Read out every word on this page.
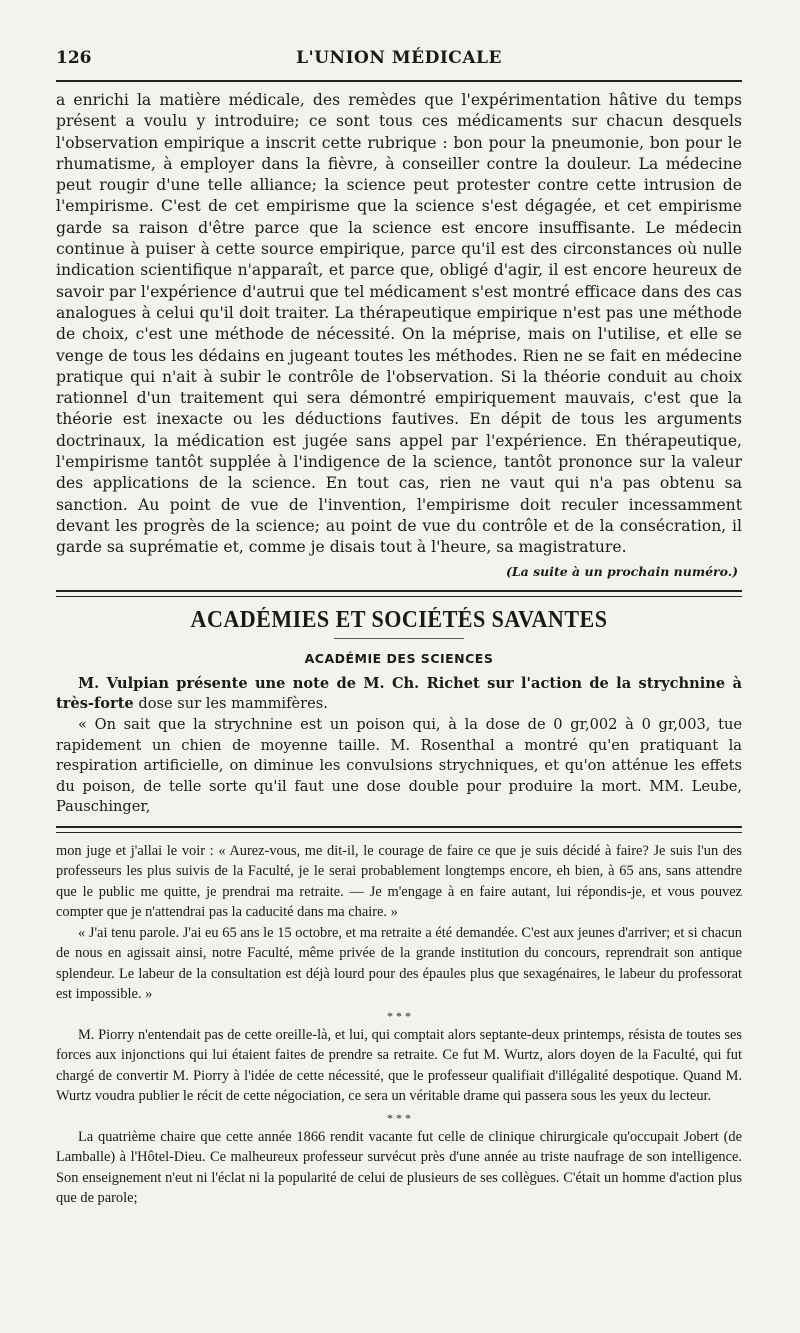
126	L'UNION MÉDICALE

a enrichi la matière médicale, des remèdes que l'expérimentation hâtive du temps présent a voulu y introduire; ce sont tous ces médicaments sur chacun desquels l'observation empirique a inscrit cette rubrique : bon pour la pneumonie, bon pour le rhumatisme, à employer dans la fièvre, à conseiller contre la douleur. La médecine peut rougir d'une telle alliance; la science peut protester contre cette intrusion de l'empirisme. C'est de cet empirisme que la science s'est dégagée, et cet empirisme garde sa raison d'être parce que la science est encore insuffisante. Le médecin continue à puiser à cette source empirique, parce qu'il est des circonstances où nulle indication scientifique n'apparaît, et parce que, obligé d'agir, il est encore heureux de savoir par l'expérience d'autrui que tel médicament s'est montré efficace dans des cas analogues à celui qu'il doit traiter. La thérapeutique empirique n'est pas une méthode de choix, c'est une méthode de nécessité. On la méprise, mais on l'utilise, et elle se venge de tous les dédains en jugeant toutes les méthodes. Rien ne se fait en médecine pratique qui n'ait à subir le contrôle de l'observation. Si la théorie conduit au choix rationnel d'un traitement qui sera démontré empiriquement mauvais, c'est que la théorie est inexacte ou les déductions fautives. En dépit de tous les arguments doctrinaux, la médication est jugée sans appel par l'expérience. En thérapeutique, l'empirisme tantôt supplée à l'indigence de la science, tantôt prononce sur la valeur des applications de la science. En tout cas, rien ne vaut qui n'a pas obtenu sa sanction. Au point de vue de l'invention, l'empirisme doit reculer incessamment devant les progrès de la science; au point de vue du contrôle et de la consécration, il garde sa suprématie et, comme je disais tout à l'heure, sa magistrature.

(La suite à un prochain numéro.)
ACADÉMIES ET SOCIÉTÉS SAVANTES
ACADÉMIE DES SCIENCES

M. Vulpian présente une note de M. Ch. Richet sur l'action de la strychnine à très-forte dose sur les mammifères.

« On sait que la strychnine est un poison qui, à la dose de 0 gr,002 à 0 gr,003, tue rapidement un chien de moyenne taille. M. Rosenthal a montré qu'en pratiquant la respiration artificielle, on diminue les convulsions strychniques, et qu'on atténue les effets du poison, de telle sorte qu'il faut une dose double pour produire la mort. MM. Leube, Pauschinger,

mon juge et j'allai le voir : « Aurez-vous, me dit-il, le courage de faire ce que je suis décidé à faire? Je suis l'un des professeurs les plus suivis de la Faculté, je le serai probablement longtemps encore, eh bien, à 65 ans, sans attendre que le public me quitte, je prendrai ma retraite. — Je m'engage à en faire autant, lui répondis-je, et vous pouvez compter que je n'attendrai pas la caducité dans ma chaire. »

« J'ai tenu parole. J'ai eu 65 ans le 15 octobre, et ma retraite a été demandée. C'est aux jeunes d'arriver; et si chacun de nous en agissait ainsi, notre Faculté, même privée de la grande institution du concours, reprendrait son antique splendeur. Le labeur de la consultation est déjà lourd pour des épaules plus que sexagénaires, le labeur du professorat est impossible. »

* * *

M. Piorry n'entendait pas de cette oreille-là, et lui, qui comptait alors septante-deux printemps, résista de toutes ses forces aux injonctions qui lui étaient faites de prendre sa retraite. Ce fut M. Wurtz, alors doyen de la Faculté, qui fut chargé de convertir M. Piorry à l'idée de cette nécessité, que le professeur qualifiait d'illégalité despotique. Quand M. Wurtz voudra publier le récit de cette négociation, ce sera un véritable drame qui passera sous les yeux du lecteur.

* * *

La quatrième chaire que cette année 1866 rendit vacante fut celle de clinique chirurgicale qu'occupait Jobert (de Lamballe) à l'Hôtel-Dieu. Ce malheureux professeur survécut près d'une année au triste naufrage de son intelligence. Son enseignement n'eut ni l'éclat ni la popularité de celui de plusieurs de ses collègues. C'était un homme d'action plus que de parole;
